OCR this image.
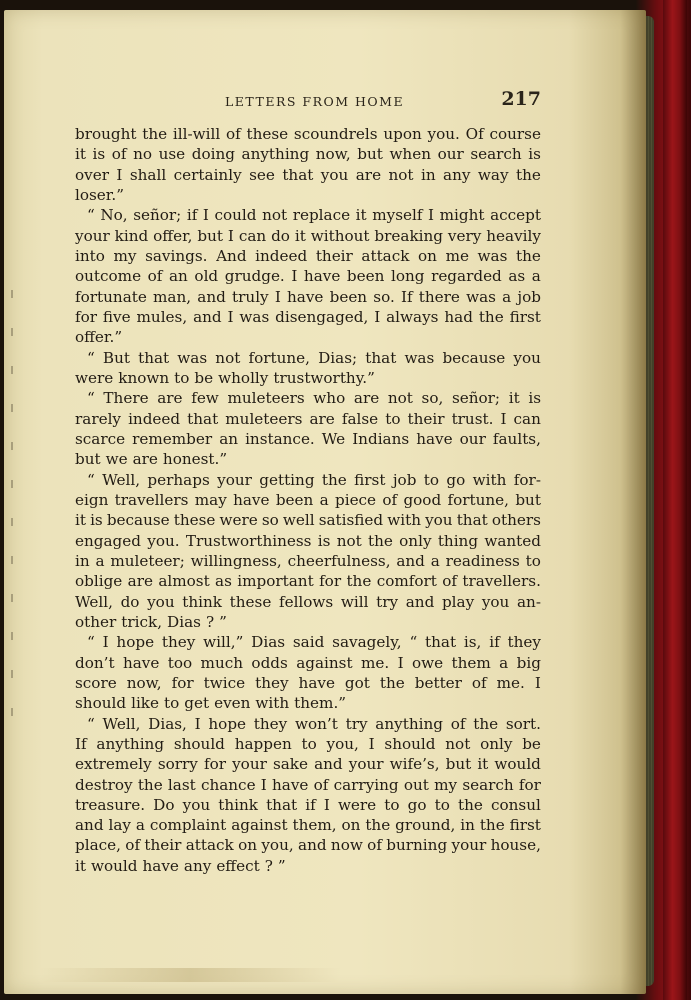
LETTERS FROM HOME	217
brought the ill-will of these scoundrels upon you. Of course
it is of no use doing anything now, but when our search is
over I shall certainly see that you are not in any way the
loser.”
“ No, señor; if I could not replace it myself I might accept
your kind offer, but I can do it without breaking very heavily
into my savings. And indeed their attack on me was the
outcome of an old grudge. I have been long regarded as a
fortunate man, and truly I have been so. If there was a job
for five mules, and I was disengaged, I always had the first
offer.”
“ But that was not fortune, Dias; that was because you
were known to be wholly trustworthy.”
“ There are few muleteers who are not so, señor; it is
rarely indeed that muleteers are false to their trust. I can
scarce remember an instance. We Indians have our faults,
but we are honest.”
“ Well, perhaps your getting the first job to go with for-
eign travellers may have been a piece of good fortune, but
it is because these were so well satisfied with you that others
engaged you. Trustworthiness is not the only thing wanted
in a muleteer; willingness, cheerfulness, and a readiness to
oblige are almost as important for the comfort of travellers.
Well, do you think these fellows will try and play you an-
other trick, Dias ? ”
“ I hope they will,” Dias said savagely, “ that is, if they
don’t have too much odds against me. I owe them a big
score now, for twice they have got the better of me. I
should like to get even with them.”
“ Well, Dias, I hope they won’t try anything of the sort.
If anything should happen to you, I should not only be
extremely sorry for your sake and your wife’s, but it would
destroy the last chance I have of carrying out my search for
treasure. Do you think that if I were to go to the consul
and lay a complaint against them, on the ground, in the first
place, of their attack on you, and now of burning your house,
it would have any effect ? ”
